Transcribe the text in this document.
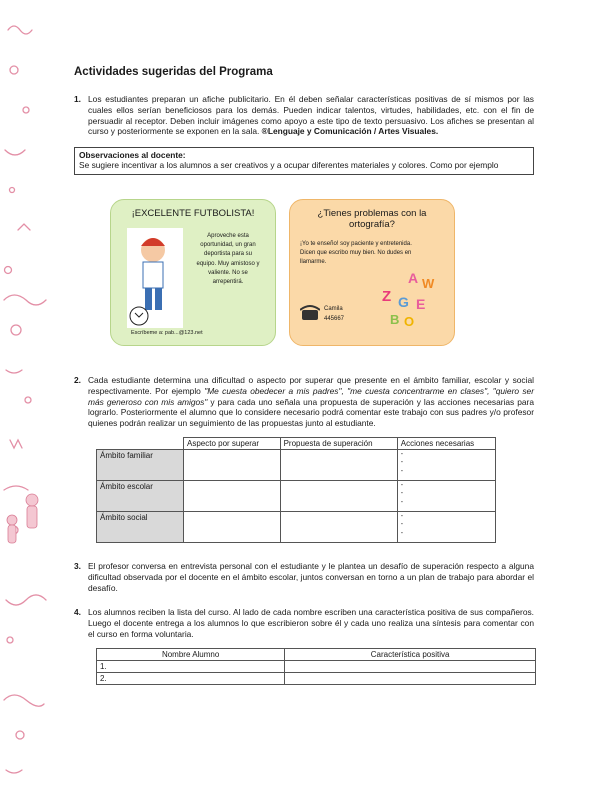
Actividades sugeridas del Programa
1. Los estudiantes preparan un afiche publicitario. En él deben señalar características positivas de sí mismos por las cuales ellos serían beneficiosos para los demás. Pueden indicar talentos, virtudes, habilidades, etc. con el fin de persuadir al receptor. Deben incluir imágenes como apoyo a este tipo de texto persuasivo. Los afiches se presentan al curso y posteriormente se exponen en la sala. ®Lenguaje y Comunicación / Artes Visuales.

Observaciones al docente:

Se sugiere incentivar a los alumnos a ser creativos y a ocupar diferentes materiales y colores. Como por ejemplo

¡EXCELENTE FUTBOLISTA!
Aproveche esta oportunidad, un gran deportista para su equipo. Muy amistoso y valiente. No se arrepentirá.
Escríbeme a: pab...@123.net
¿Tienes problemas con la ortografía?
¡Yo te enseño! soy paciente y entretenida. Dicen que escribo muy bien. No dudes en llamarme.
Camila
445667
A W
Z G E
B O
2. Cada estudiante determina una dificultad o aspecto por superar que presente en el ámbito familiar, escolar y social respectivamente. Por ejemplo "Me cuesta obedecer a mis padres", "me cuesta concentrarme en clases", "quiero ser más generoso con mis amigos" y para cada uno señala una propuesta de superación y las acciones necesarias para lograrlo. Posteriormente el alumno que lo considere necesario podrá comentar este trabajo con sus padres y/o profesor quienes podrán realizar un seguimiento de las propuestas junto al estudiante.

	Aspecto por superar	Propuesta de superación	Acciones necesarias
Ámbito familiar			-
-
-
Ámbito escolar			-
-
-
Ámbito social			-
-
-
3. El profesor conversa en entrevista personal con el estudiante y le plantea un desafío de superación respecto a alguna dificultad observada por el docente en el ámbito escolar, juntos conversan en torno a un plan de trabajo para abordar el desafío.

4. Los alumnos reciben la lista del curso. Al lado de cada nombre escriben una característica positiva de sus compañeros. Luego el docente entrega a los alumnos lo que escribieron sobre él y cada uno realiza una síntesis para comentar con el curso en forma voluntaria.

Nombre Alumno	Característica positiva
1.	
2.	
